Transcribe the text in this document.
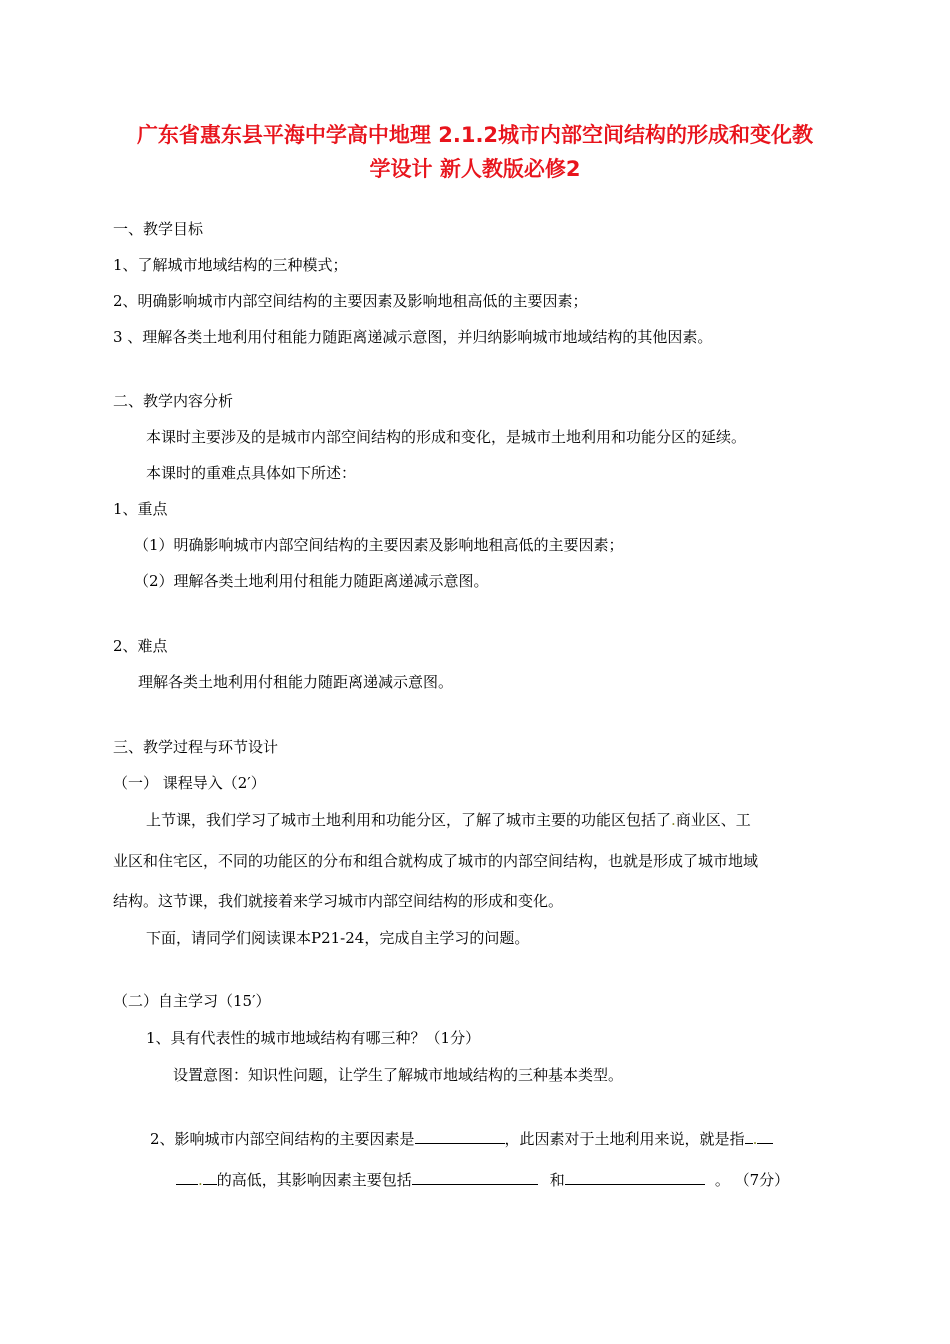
广东省惠东县平海中学高中地理 2.1.2城市内部空间结构的形成和变化教
学设计 新人教版必修2
一、教学目标
1、了解城市地域结构的三种模式；
2、明确影响城市内部空间结构的主要因素及影响地租高低的主要因素；
3 、理解各类土地利用付租能力随距离递减示意图，并归纳影响城市地域结构的其他因素。
二、教学内容分析
本课时主要涉及的是城市内部空间结构的形成和变化，是城市土地利用和功能分区的延续。
本课时的重难点具体如下所述：
1、重点
（1）明确影响城市内部空间结构的主要因素及影响地租高低的主要因素；
（2）理解各类土地利用付租能力随距离递减示意图。
2、难点
理解各类土地利用付租能力随距离递减示意图。
三、教学过程与环节设计
（一） 课程导入（2′）
上节课，我们学习了城市土地利用和功能分区，了解了城市主要的功能区包括了.商业区、工
业区和住宅区，不同的功能区的分布和组合就构成了城市的内部空间结构，也就是形成了城市地域
结构。这节课，我们就接着来学习城市内部空间结构的形成和变化。
下面，请同学们阅读课本P21-24，完成自主学习的问题。
（二）自主学习（15′）
1、具有代表性的城市地域结构有哪三种？（1分）
设置意图：知识性问题，让学生了解城市地域结构的三种基本类型。
2、影响城市内部空间结构的主要因素是	，此因素对于土地利用来说，就是指 .
. 的高低，其影响因素主要包括	和	。 （7分）
